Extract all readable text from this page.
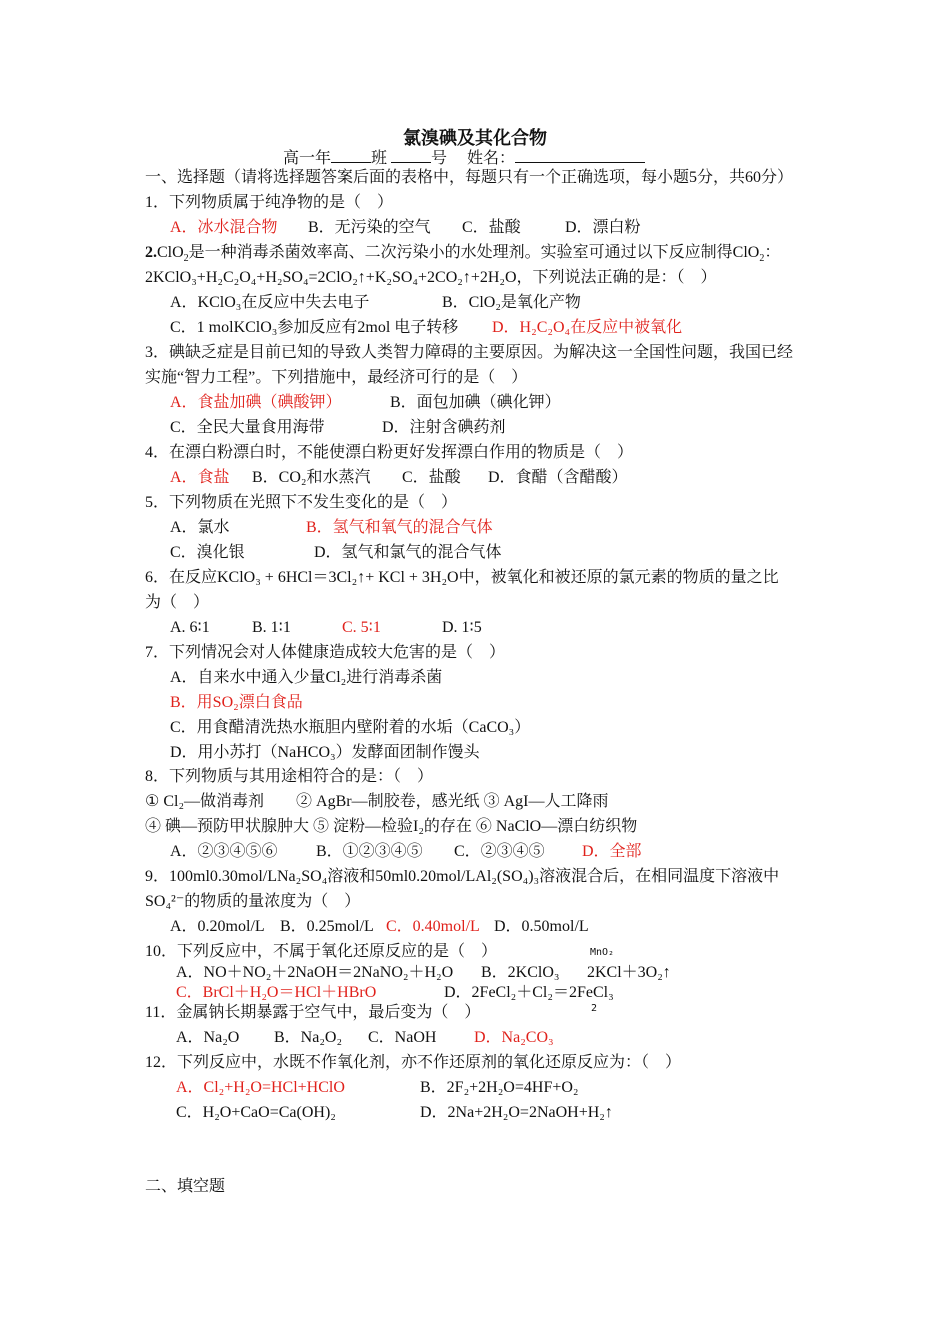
氯溴碘及其化合物
高一年	班	号 姓名：
一、选择题（请将选择题答案后面的表格中，每题只有一个正确选项，每小题5分，共60分）
1．下列物质属于纯净物的是（　）
A．冰水混合物 B．无污染的空气 C．盐酸	D．漂白粉
2.ClO$_2$是一种消毒杀菌效率高、二次污染小的水处理剂。实验室可通过以下反应制得ClO$_2$：
2KClO₃+H₂C₂O₄+H₂SO₄=2ClO₂↑+K₂SO₄+2CO₂↑+2H₂O，下列说法正确的是：（　）
A．KClO₃在反应中失去电子	B．ClO₂是氧化产物
C．1 molKClO₃参加反应有2mol 电子转移 D．H₂C₂O₄在反应中被氧化
3．碘缺乏症是目前已知的导致人类智力障碍的主要原因。为解决这一全国性问题，我国已经
实施“智力工程”。下列措施中，最经济可行的是（　）
A．食盐加碘（碘酸钾）	B．面包加碘（碘化钾）
C．全民大量食用海带	D．注射含碘药剂
4．在漂白粉漂白时，不能使漂白粉更好发挥漂白作用的物质是（　）
A．食盐 B．CO₂和水蒸汽 C．盐酸 D．食醋（含醋酸）
5．下列物质在光照下不发生变化的是（　）
A．氯水	B．氢气和氧气的混合气体
C．溴化银	D．氢气和氯气的混合气体
6．在反应KClO₃ + 6HCl＝3Cl₂↑+ KCl + 3H₂O中，被氧化和被还原的氯元素的物质的量之比
为（　）
A. 6∶1	B. 1∶1	C. 5∶1	D. 1∶5
7．下列情况会对人体健康造成较大危害的是（　）
A．自来水中通入少量Cl₂进行消毒杀菌
B．用SO₂漂白食品
C．用食醋清洗热水瓶胆内壁附着的水垢（CaCO₃）
D．用小苏打（NaHCO₃）发酵面团制作馒头
8．下列物质与其用途相符合的是：（　）
① Cl₂—做消毒剂　　② AgBr—制胶卷，感光纸 ③ AgI—人工降雨
④ 碘—预防甲状腺肿大 ⑤ 淀粉—检验I₂的存在 ⑥ NaClO—漂白纺织物
A．②③④⑤⑥ B．①②③④⑤ C．②③④⑤ D．全部
9．100ml0.30mol/LNa₂SO₄溶液和50ml0.20mol/LAl₂(SO₄)₃溶液混合后，在相同温度下溶液中
SO₄²⁻的物质的量浓度为（　）
A．0.20mol/L B．0.25mol/L C．0.40mol/L D．0.50mol/L
10．下列反应中，不属于氧化还原反应的是（　）	MnO₂
A．NO＋NO₂＋2NaOH＝2NaNO₂＋H₂O B．2KClO₃ 2KCl＋3O₂↑
C．BrCl＋H₂O＝HCl＋HBrO	D．2FeCl₂＋Cl₂＝2FeCl₃
2
11．金属钠长期暴露于空气中，最后变为（　）
A．Na₂O B．Na₂O₂ C．NaOH D．Na₂CO₃
12．下列反应中，水既不作氧化剂，亦不作还原剂的氧化还原反应为：（　）
A．Cl₂+H₂O=HCl+HClO	B．2F₂+2H₂O=4HF+O₂
C．H₂O+CaO=Ca(OH)₂	D．2Na+2H₂O=2NaOH+H₂↑
二、填空题
